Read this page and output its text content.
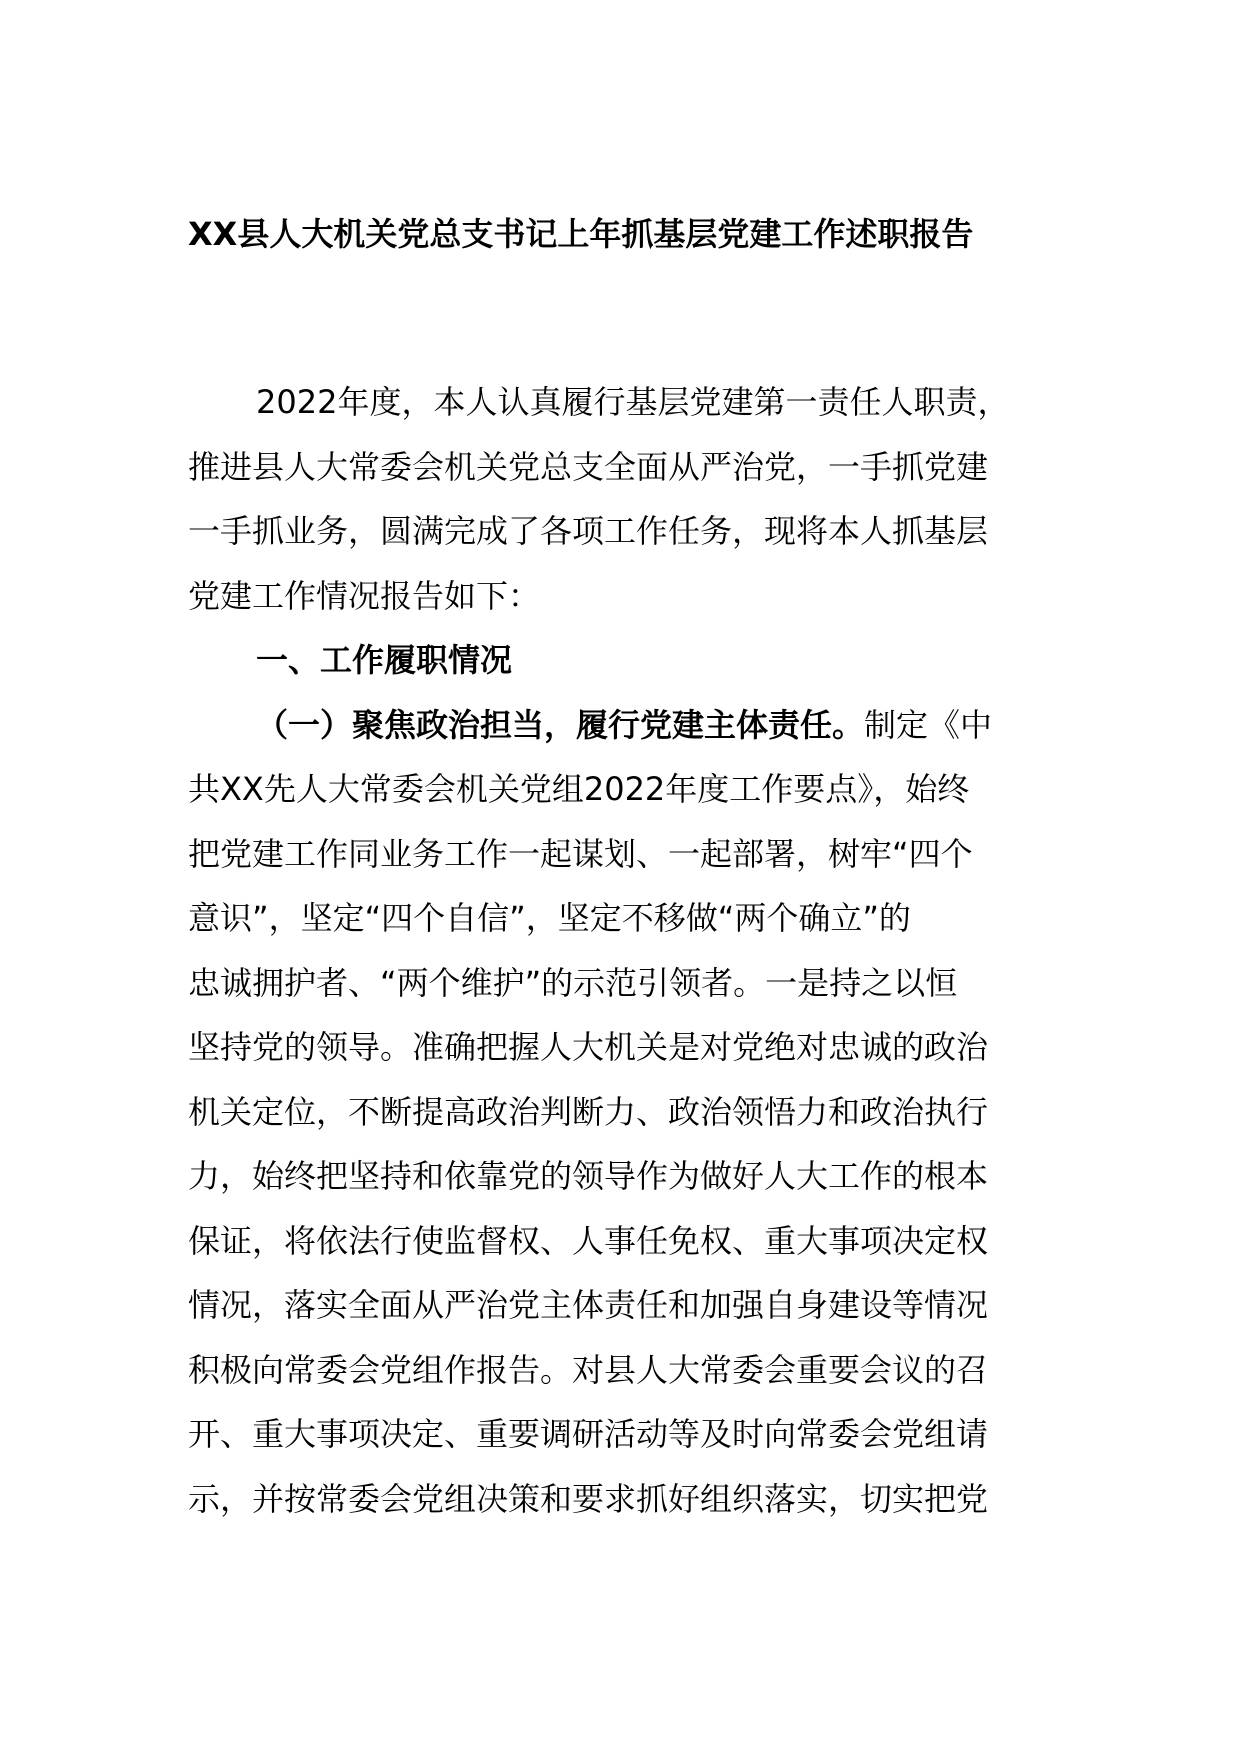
XX县人大机关党总支书记上年抓基层党建工作述职报告
2022年度，本人认真履行基层党建第一责任人职责，
推进县人大常委会机关党总支全面从严治党，一手抓党建
一手抓业务，圆满完成了各项工作任务，现将本人抓基层
党建工作情况报告如下：
一、工作履职情况
（一）聚焦政治担当，履行党建主体责任。制定《中
共XX先人大常委会机关党组2022年度工作要点》，始终
把党建工作同业务工作一起谋划、一起部署，树牢“四个
意识”，坚定“四个自信”，坚定不移做“两个确立”的
忠诚拥护者、“两个维护”的示范引领者。一是持之以恒
坚持党的领导。准确把握人大机关是对党绝对忠诚的政治
机关定位，不断提高政治判断力、政治领悟力和政治执行
力，始终把坚持和依靠党的领导作为做好人大工作的根本
保证，将依法行使监督权、人事任免权、重大事项决定权
情况，落实全面从严治党主体责任和加强自身建设等情况
积极向常委会党组作报告。对县人大常委会重要会议的召
开、重大事项决定、重要调研活动等及时向常委会党组请
示，并按常委会党组决策和要求抓好组织落实，切实把党
